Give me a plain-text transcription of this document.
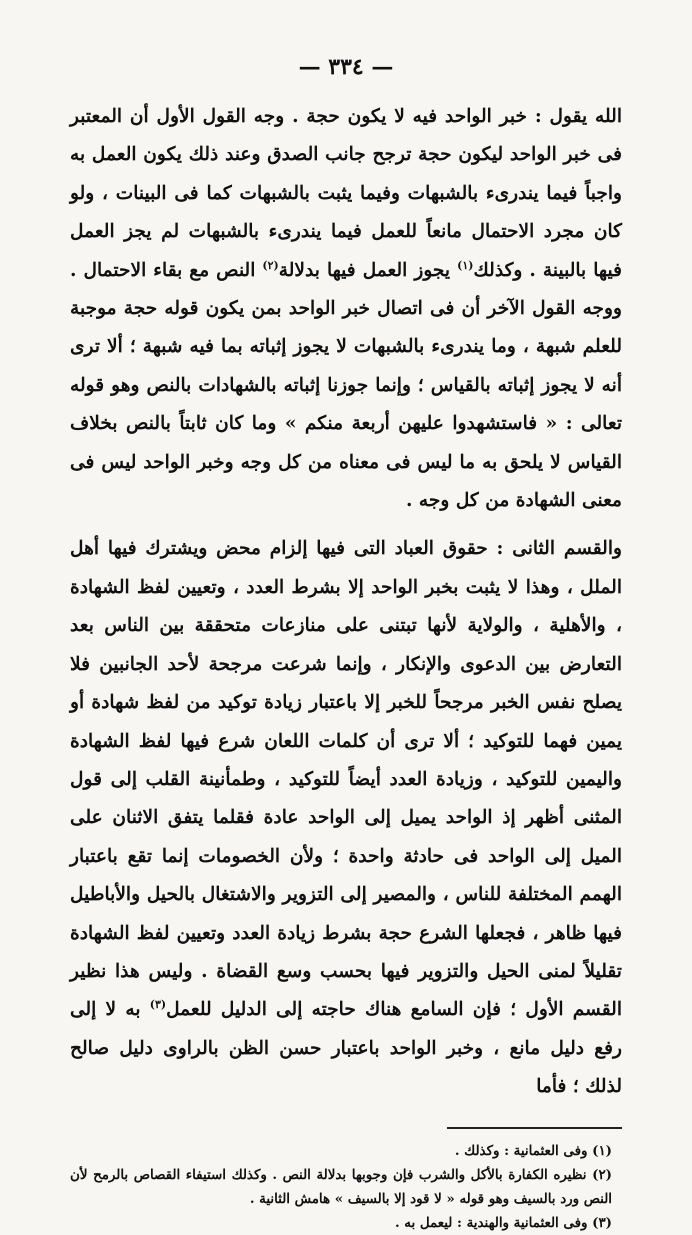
— ٣٣٤ —

الله يقول : خبر الواحد فيه لا يكون حجة . وجه القول الأول أن المعتبر فى خبر الواحد ليكون حجة ترجح جانب الصدق وعند ذلك يكون العمل به واجباً فيما يندرىء بالشبهات وفيما يثبت بالشبهات كما فى البينات ، ولو كان مجرد الاحتمال مانعاً للعمل فيما يندرىء بالشبهات لم يجز العمل فيها بالبينة . وكذلك$^{(١)}$ يجوز العمل فيها بدلالة$^{(٢)}$ النص مع بقاء الاحتمال . ووجه القول الآخر أن فى اتصال خبر الواحد بمن يكون قوله حجة موجبة للعلم شبهة ، وما يندرىء بالشبهات لا يجوز إثباته بما فيه شبهة ؛ ألا ترى أنه لا يجوز إثباته بالقياس ؛ وإنما جوزنا إثباته بالشهادات بالنص وهو قوله تعالى : « فاستشهدوا عليهن أربعة منكم » وما كان ثابتاً بالنص بخلاف القياس لا يلحق به ما ليس فى معناه من كل وجه وخبر الواحد ليس فى معنى الشهادة من كل وجه .

والقسم الثانى : حقوق العباد التى فيها إلزام محض ويشترك فيها أهل الملل ، وهذا لا يثبت بخبر الواحد إلا بشرط العدد ، وتعيين لفظ الشهادة ، والأهلية ، والولاية لأنها تبتنى على منازعات متحققة بين الناس بعد التعارض بين الدعوى والإنكار ، وإنما شرعت مرجحة لأحد الجانبين فلا يصلح نفس الخبر مرجحاً للخبر إلا باعتبار زيادة توكيد من لفظ شهادة أو يمين فهما للتوكيد ؛ ألا ترى أن كلمات اللعان شرع فيها لفظ الشهادة واليمين للتوكيد ، وزيادة العدد أيضاً للتوكيد ، وطمأنينة القلب إلى قول المثنى أظهر إذ الواحد يميل إلى الواحد عادة فقلما يتفق الاثنان على الميل إلى الواحد فى حادثة واحدة ؛ ولأن الخصومات إنما تقع باعتبار الهمم المختلفة للناس ، والمصير إلى التزوير والاشتغال بالحيل والأباطيل فيها ظاهر ، فجعلها الشرع حجة بشرط زيادة العدد وتعيين لفظ الشهادة تقليلاً لمنى الحيل والتزوير فيها بحسب وسع القضاة . وليس هذا نظير القسم الأول ؛ فإن السامع هناك حاجته إلى الدليل للعمل$^{(٣)}$ به لا إلى رفع دليل مانع ، وخبر الواحد باعتبار حسن الظن بالراوى دليل صالح لذلك ؛ فأما

(١) وفى العثمانية : وكذلك .

(٢) نظيره الكفارة بالأكل والشرب فإن وجوبها بدلالة النص . وكذلك استيفاء القصاص بالرمح لأن النص ورد بالسيف وهو قوله « لا قود إلا بالسيف » هامش الثانية .

(٣) وفى العثمانية والهندية : ليعمل به .
